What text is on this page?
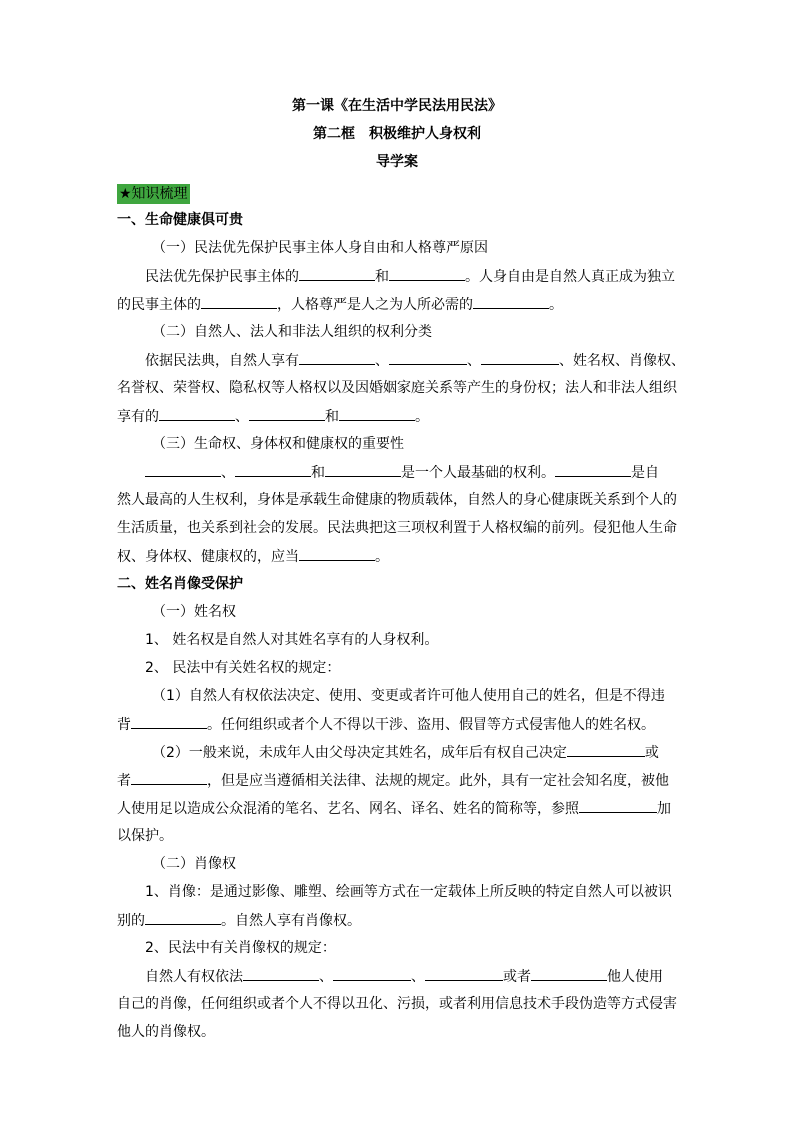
第一课《在生活中学民法用民法》
第二框　积极维护人身权利
导学案
★知识梳理
一、生命健康俱可贵
（一）民法优先保护民事主体人身自由和人格尊严原因
民法优先保护民事主体的	和	。人身自由是自然人真正成为独立
的民事主体的	，人格尊严是人之为人所必需的	。
（二）自然人、法人和非法人组织的权利分类
依据民法典，自然人享有	、	、	、姓名权、肖像权、
名誉权、荣誉权、隐私权等人格权以及因婚姻家庭关系等产生的身份权；法人和非法人组织
享有的	、	和	。
（三）生命权、身体权和健康权的重要性
、	和	是一个人最基础的权利。	是自
然人最高的人生权利，身体是承载生命健康的物质载体，自然人的身心健康既关系到个人的
生活质量，也关系到社会的发展。民法典把这三项权利置于人格权编的前列。侵犯他人生命
权、身体权、健康权的，应当	。
二、姓名肖像受保护
（一）姓名权
1、 姓名权是自然人对其姓名享有的人身权利。
2、 民法中有关姓名权的规定：
（1）自然人有权依法决定、使用、变更或者许可他人使用自己的姓名，但是不得违
背	。任何组织或者个人不得以干涉、盗用、假冒等方式侵害他人的姓名权。
（2）一般来说，未成年人由父母决定其姓名，成年后有权自己决定	或
者	，但是应当遵循相关法律、法规的规定。此外，具有一定社会知名度，被他
人使用足以造成公众混淆的笔名、艺名、网名、译名、姓名的简称等，参照	加
以保护。
（二）肖像权
1、肖像：是通过影像、雕塑、绘画等方式在一定载体上所反映的特定自然人可以被识
别的	。自然人享有肖像权。
2、民法中有关肖像权的规定：
自然人有权依法	、	、	或者	他人使用
自己的肖像，任何组织或者个人不得以丑化、污损，或者利用信息技术手段伪造等方式侵害
他人的肖像权。
